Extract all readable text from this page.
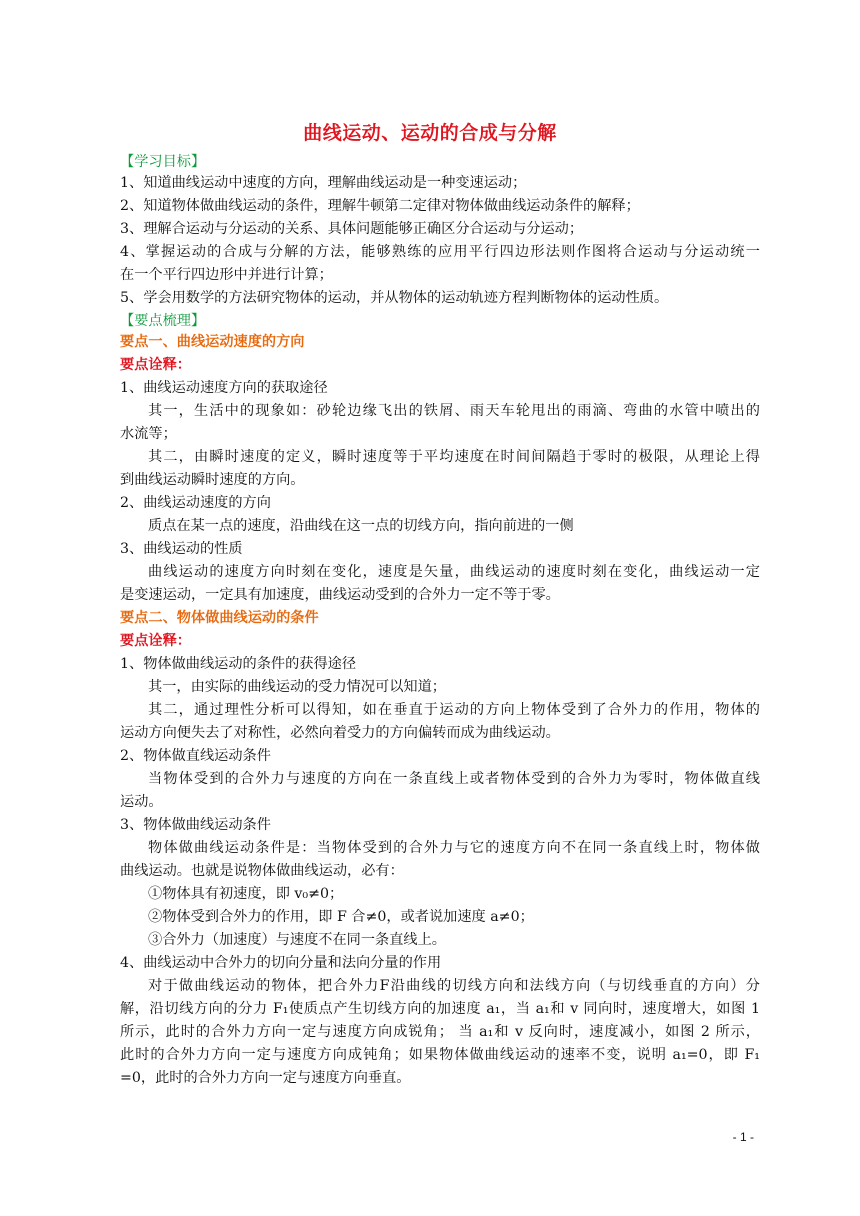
曲线运动、运动的合成与分解
【学习目标】
1、知道曲线运动中速度的方向，理解曲线运动是一种变速运动；
2、知道物体做曲线运动的条件，理解牛顿第二定律对物体做曲线运动条件的解释；
3、理解合运动与分运动的关系、具体问题能够正确区分合运动与分运动；
4、掌握运动的合成与分解的方法，能够熟练的应用平行四边形法则作图将合运动与分运动统一
在一个平行四边形中并进行计算；
5、学会用数学的方法研究物体的运动，并从物体的运动轨迹方程判断物体的运动性质。
【要点梳理】
要点一、曲线运动速度的方向
要点诠释：
1、曲线运动速度方向的获取途径
其一，生活中的现象如：砂轮边缘飞出的铁屑、雨天车轮甩出的雨滴、弯曲的水管中喷出的
水流等；
其二，由瞬时速度的定义，瞬时速度等于平均速度在时间间隔趋于零时的极限，从理论上得
到曲线运动瞬时速度的方向。
2、曲线运动速度的方向
质点在某一点的速度，沿曲线在这一点的切线方向，指向前进的一侧
3、曲线运动的性质
曲线运动的速度方向时刻在变化，速度是矢量，曲线运动的速度时刻在变化，曲线运动一定
是变速运动，一定具有加速度，曲线运动受到的合外力一定不等于零。
要点二、物体做曲线运动的条件
要点诠释：
1、物体做曲线运动的条件的获得途径
其一，由实际的曲线运动的受力情况可以知道；
其二，通过理性分析可以得知，如在垂直于运动的方向上物体受到了合外力的作用，物体的
运动方向便失去了对称性，必然向着受力的方向偏转而成为曲线运动。
2、物体做直线运动条件
当物体受到的合外力与速度的方向在一条直线上或者物体受到的合外力为零时，物体做直线
运动。
3、物体做曲线运动条件
物体做曲线运动条件是：当物体受到的合外力与它的速度方向不在同一条直线上时，物体做
曲线运动。也就是说物体做曲线运动，必有：
①物体具有初速度，即 v₀≠0；
②物体受到合外力的作用，即 F 合≠0，或者说加速度 a≠0；
③合外力（加速度）与速度不在同一条直线上。
4、曲线运动中合外力的切向分量和法向分量的作用
对于做曲线运动的物体，把合外力F沿曲线的切线方向和法线方向（与切线垂直的方向）分
解，沿切线方向的分力 F₁使质点产生切线方向的加速度 a₁，当 a₁和 v 同向时，速度增大，如图 1
所示，此时的合外力方向一定与速度方向成锐角； 当 a₁和 v 反向时，速度减小，如图 2 所示，
此时的合外力方向一定与速度方向成钝角；如果物体做曲线运动的速率不变，说明 a₁=0，即 F₁
=0，此时的合外力方向一定与速度方向垂直。
- 1 -
